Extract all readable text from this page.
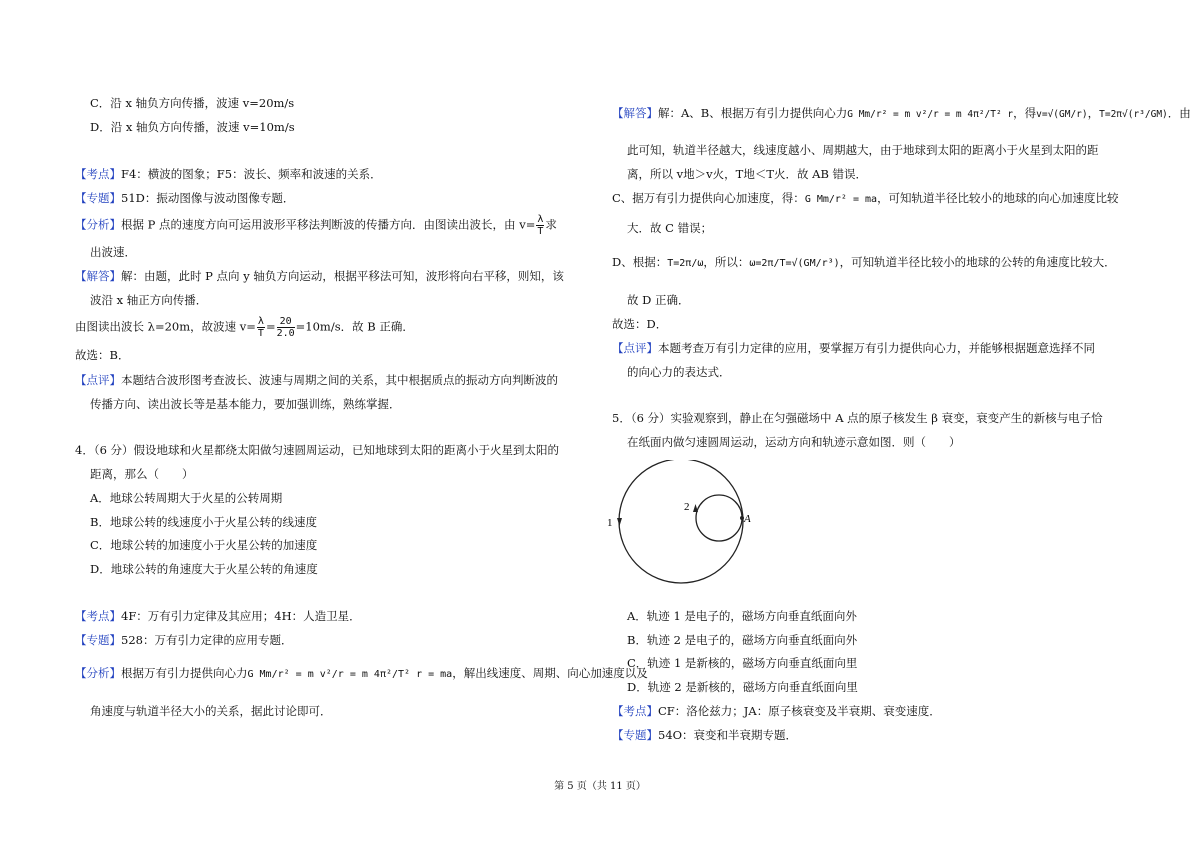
C．沿 x 轴负方向传播，波速 v=20m/s
D．沿 x 轴负方向传播，波速 v=10m/s
【考点】F4：横波的图象；F5：波长、频率和波速的关系．
【专题】51D：振动图像与波动图像专题．
【分析】根据 P 点的速度方向可运用波形平移法判断波的传播方向．由图读出波长，由 $v= \frac{\lambda}{T}$ 求
出波速．
【解答】解：由题，此时 P 点向 y 轴负方向运动，根据平移法可知，波形将向右平移，则知，该
波沿 x 轴正方向传播．
由图读出波长 λ=20m，故波速 $v= \frac{\lambda}{T} = \frac{20}{2.0} =10m/s$．故 B 正确．
故选：B．
【点评】本题结合波形图考查波长、波速与周期之间的关系，其中根据质点的振动方向判断波的
传播方向、读出波长等是基本能力，要加强训练，熟练掌握．
4．（6 分）假设地球和火星都绕太阳做匀速圆周运动，已知地球到太阳的距离小于火星到太阳的
距离，那么（　　）
A．地球公转周期大于火星的公转周期
B．地球公转的线速度小于火星公转的线速度
C．地球公转的加速度小于火星公转的加速度
D．地球公转的角速度大于火星公转的角速度
【考点】4F：万有引力定律及其应用；4H：人造卫星．
【专题】528：万有引力定律的应用专题．
【分析】根据万有引力提供向心力G Mm/r² = m v²/r = m 4π²/T² r = ma，解出线速度、周期、向心加速度以及
角速度与轨道半径大小的关系，据此讨论即可．
【解答】解：A、B、根据万有引力提供向心力G Mm/r² = m v²/r = m 4π²/T² r，得v=√(GM/r)，T=2π√(r³/GM)．由
此可知，轨道半径越大，线速度越小、周期越大，由于地球到太阳的距离小于火星到太阳的距
离，所以 v地＞v火，T地＜T火．故 AB 错误．
C、据万有引力提供向心加速度，得：G Mm/r² = ma，可知轨道半径比较小的地球的向心加速度比较
大．故 C 错误；
D、根据：T=2π/ω，所以：ω=2π/T=√(GM/r³)，可知轨道半径比较小的地球的公转的角速度比较大．
故 D 正确．
故选：D．
【点评】本题考查万有引力定律的应用，要掌握万有引力提供向心力，并能够根据题意选择不同
的向心力的表达式．
5．（6 分）实验观察到，静止在匀强磁场中 A 点的原子核发生 β 衰变，衰变产生的新核与电子恰
在纸面内做匀速圆周运动，运动方向和轨迹示意如图．则（　　）
1
2
A
A．轨迹 1 是电子的，磁场方向垂直纸面向外
B．轨迹 2 是电子的，磁场方向垂直纸面向外
C．轨迹 1 是新核的，磁场方向垂直纸面向里
D．轨迹 2 是新核的，磁场方向垂直纸面向里
【考点】CF：洛伦兹力；JA：原子核衰变及半衰期、衰变速度．
【专题】54O：衰变和半衰期专题．
第 5 页（共 11 页）
